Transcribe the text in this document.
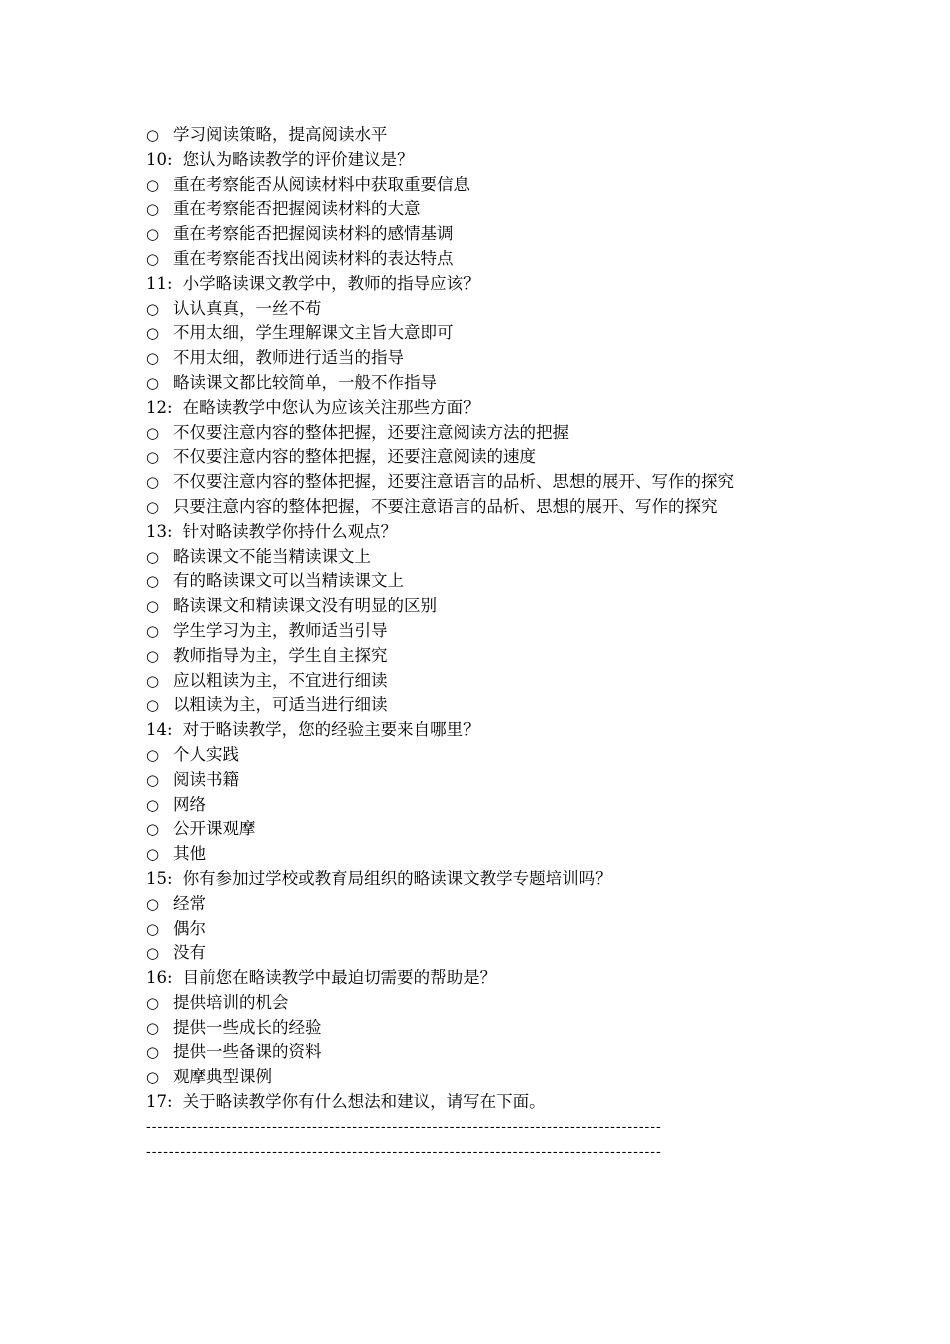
○ 学习阅读策略，提高阅读水平
10: 您认为略读教学的评价建议是？
○ 重在考察能否从阅读材料中获取重要信息
○ 重在考察能否把握阅读材料的大意
○ 重在考察能否把握阅读材料的感情基调
○ 重在考察能否找出阅读材料的表达特点
11: 小学略读课文教学中，教师的指导应该？
○ 认认真真，一丝不苟
○ 不用太细，学生理解课文主旨大意即可
○ 不用太细，教师进行适当的指导
○ 略读课文都比较简单，一般不作指导
12: 在略读教学中您认为应该关注那些方面？
○ 不仅要注意内容的整体把握，还要注意阅读方法的把握
○ 不仅要注意内容的整体把握，还要注意阅读的速度
○ 不仅要注意内容的整体把握，还要注意语言的品析、思想的展开、写作的探究
○ 只要注意内容的整体把握，不要注意语言的品析、思想的展开、写作的探究
13: 针对略读教学你持什么观点？
○ 略读课文不能当精读课文上
○ 有的略读课文可以当精读课文上
○ 略读课文和精读课文没有明显的区别
○ 学生学习为主，教师适当引导
○ 教师指导为主，学生自主探究
○ 应以粗读为主，不宜进行细读
○ 以粗读为主，可适当进行细读
14: 对于略读教学，您的经验主要来自哪里？
○ 个人实践
○ 阅读书籍
○ 网络
○ 公开课观摩
○ 其他
15: 你有参加过学校或教育局组织的略读课文教学专题培训吗？
○ 经常
○ 偶尔
○ 没有
16: 目前您在略读教学中最迫切需要的帮助是？
○ 提供培训的机会
○ 提供一些成长的经验
○ 提供一些备课的资料
○ 观摩典型课例
17: 关于略读教学你有什么想法和建议，请写在下面。
------------------------------------------------------------------------------------------
------------------------------------------------------------------------------------------
